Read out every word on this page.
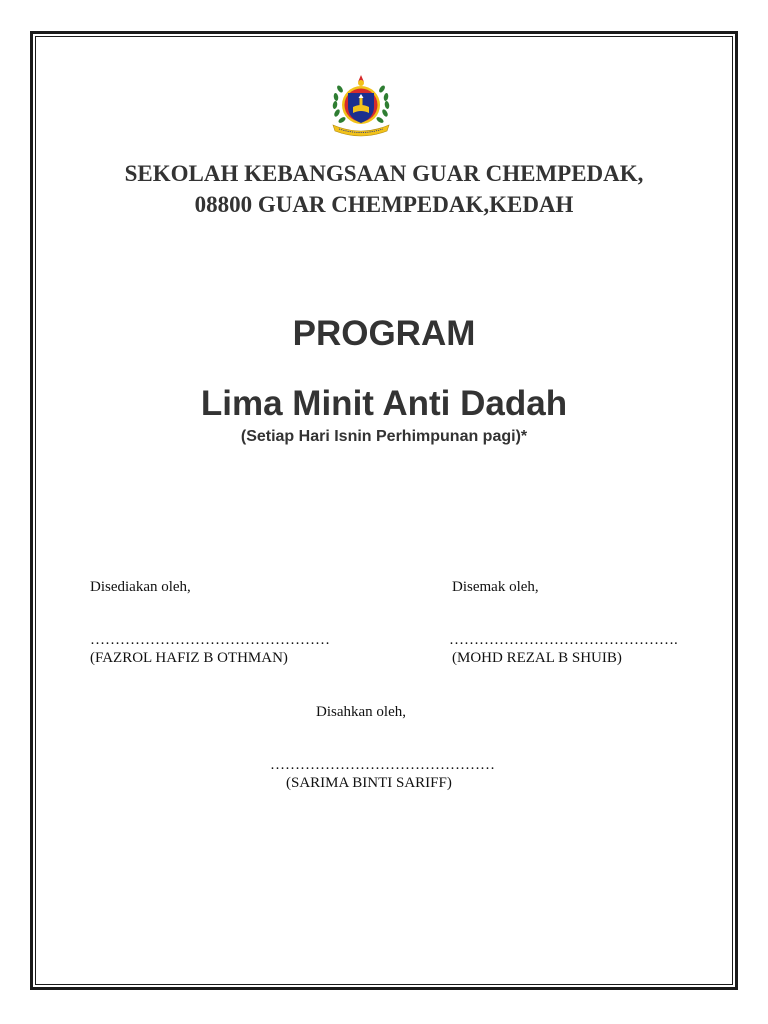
SEKOLAH KEBANGSAAN GUAR CHEMPEDAK,
08800 GUAR CHEMPEDAK,KEDAH
PROGRAM
Lima Minit Anti Dadah

(Setiap Hari Isnin Perhimpunan pagi)*

Disediakan oleh,
…………………………………………
(FAZROL HAFIZ B OTHMAN)
Disemak oleh,
……………………………………….
(MOHD REZAL B SHUIB)
Disahkan oleh,
………………………………………
(SARIMA BINTI SARIFF)
